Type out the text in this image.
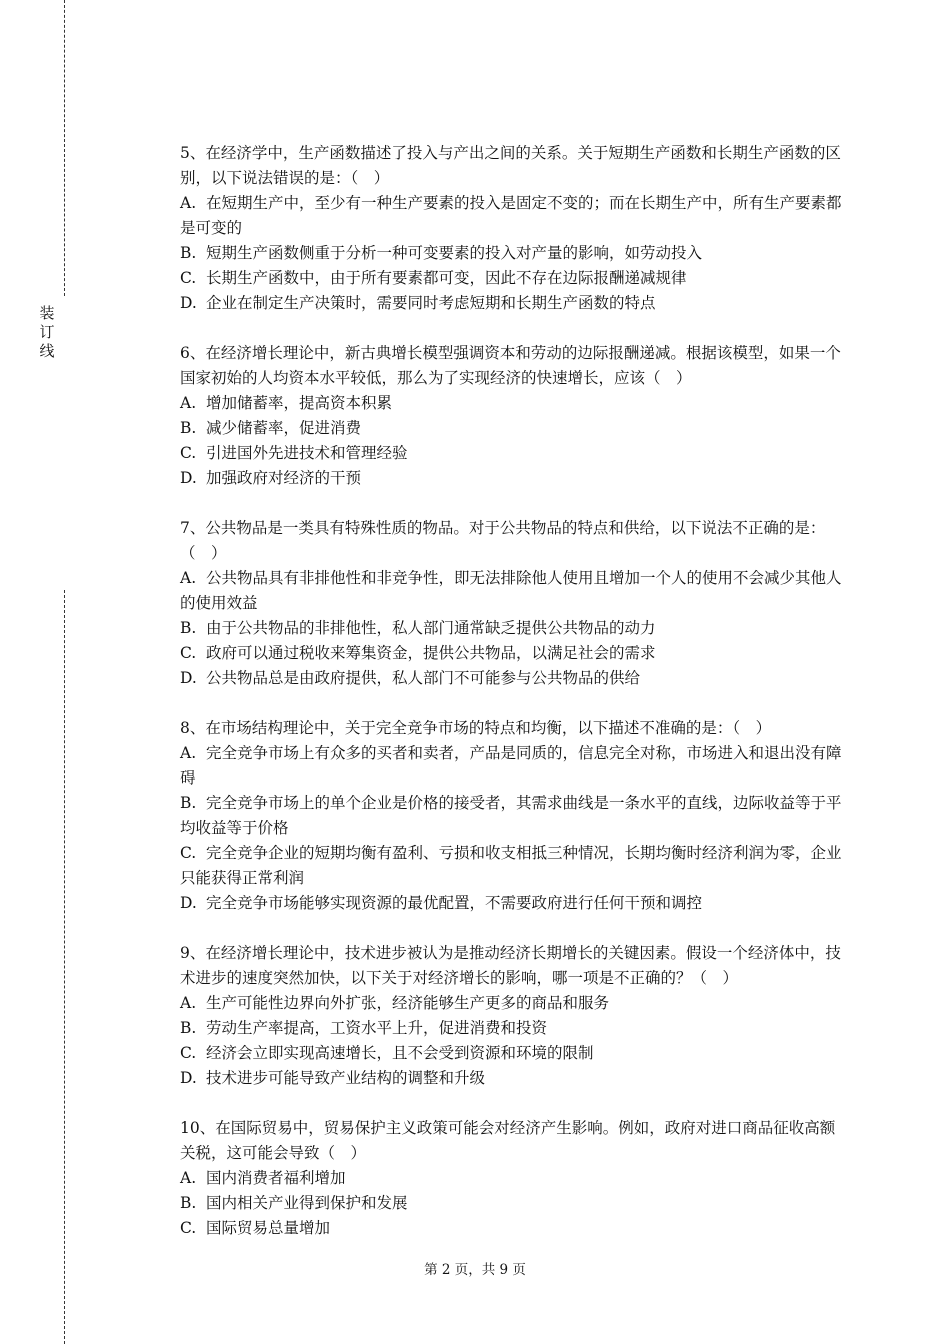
装订线

5、在经济学中，生产函数描述了投入与产出之间的关系。关于短期生产函数和长期生产函数的区别，以下说法错误的是：（　）

A. 在短期生产中，至少有一种生产要素的投入是固定不变的；而在长期生产中，所有生产要素都是可变的

B. 短期生产函数侧重于分析一种可变要素的投入对产量的影响，如劳动投入

C. 长期生产函数中，由于所有要素都可变，因此不存在边际报酬递减规律

D. 企业在制定生产决策时，需要同时考虑短期和长期生产函数的特点

6、在经济增长理论中，新古典增长模型强调资本和劳动的边际报酬递减。根据该模型，如果一个国家初始的人均资本水平较低，那么为了实现经济的快速增长，应该（　）

A. 增加储蓄率，提高资本积累

B. 减少储蓄率，促进消费

C. 引进国外先进技术和管理经验

D. 加强政府对经济的干预

7、公共物品是一类具有特殊性质的物品。对于公共物品的特点和供给，以下说法不正确的是：（　）

A. 公共物品具有非排他性和非竞争性，即无法排除他人使用且增加一个人的使用不会减少其他人的使用效益

B. 由于公共物品的非排他性，私人部门通常缺乏提供公共物品的动力

C. 政府可以通过税收来筹集资金，提供公共物品，以满足社会的需求

D. 公共物品总是由政府提供，私人部门不可能参与公共物品的供给

8、在市场结构理论中，关于完全竞争市场的特点和均衡，以下描述不准确的是：（　）

A. 完全竞争市场上有众多的买者和卖者，产品是同质的，信息完全对称，市场进入和退出没有障碍

B. 完全竞争市场上的单个企业是价格的接受者，其需求曲线是一条水平的直线，边际收益等于平均收益等于价格

C. 完全竞争企业的短期均衡有盈利、亏损和收支相抵三种情况，长期均衡时经济利润为零，企业只能获得正常利润

D. 完全竞争市场能够实现资源的最优配置，不需要政府进行任何干预和调控

9、在经济增长理论中，技术进步被认为是推动经济长期增长的关键因素。假设一个经济体中，技术进步的速度突然加快，以下关于对经济增长的影响，哪一项是不正确的？（　）

A. 生产可能性边界向外扩张，经济能够生产更多的商品和服务

B. 劳动生产率提高，工资水平上升，促进消费和投资

C. 经济会立即实现高速增长，且不会受到资源和环境的限制

D. 技术进步可能导致产业结构的调整和升级

10、在国际贸易中，贸易保护主义政策可能会对经济产生影响。例如，政府对进口商品征收高额关税，这可能会导致（　）

A. 国内消费者福利增加

B. 国内相关产业得到保护和发展

C. 国际贸易总量增加

第 2 页，共 9 页
